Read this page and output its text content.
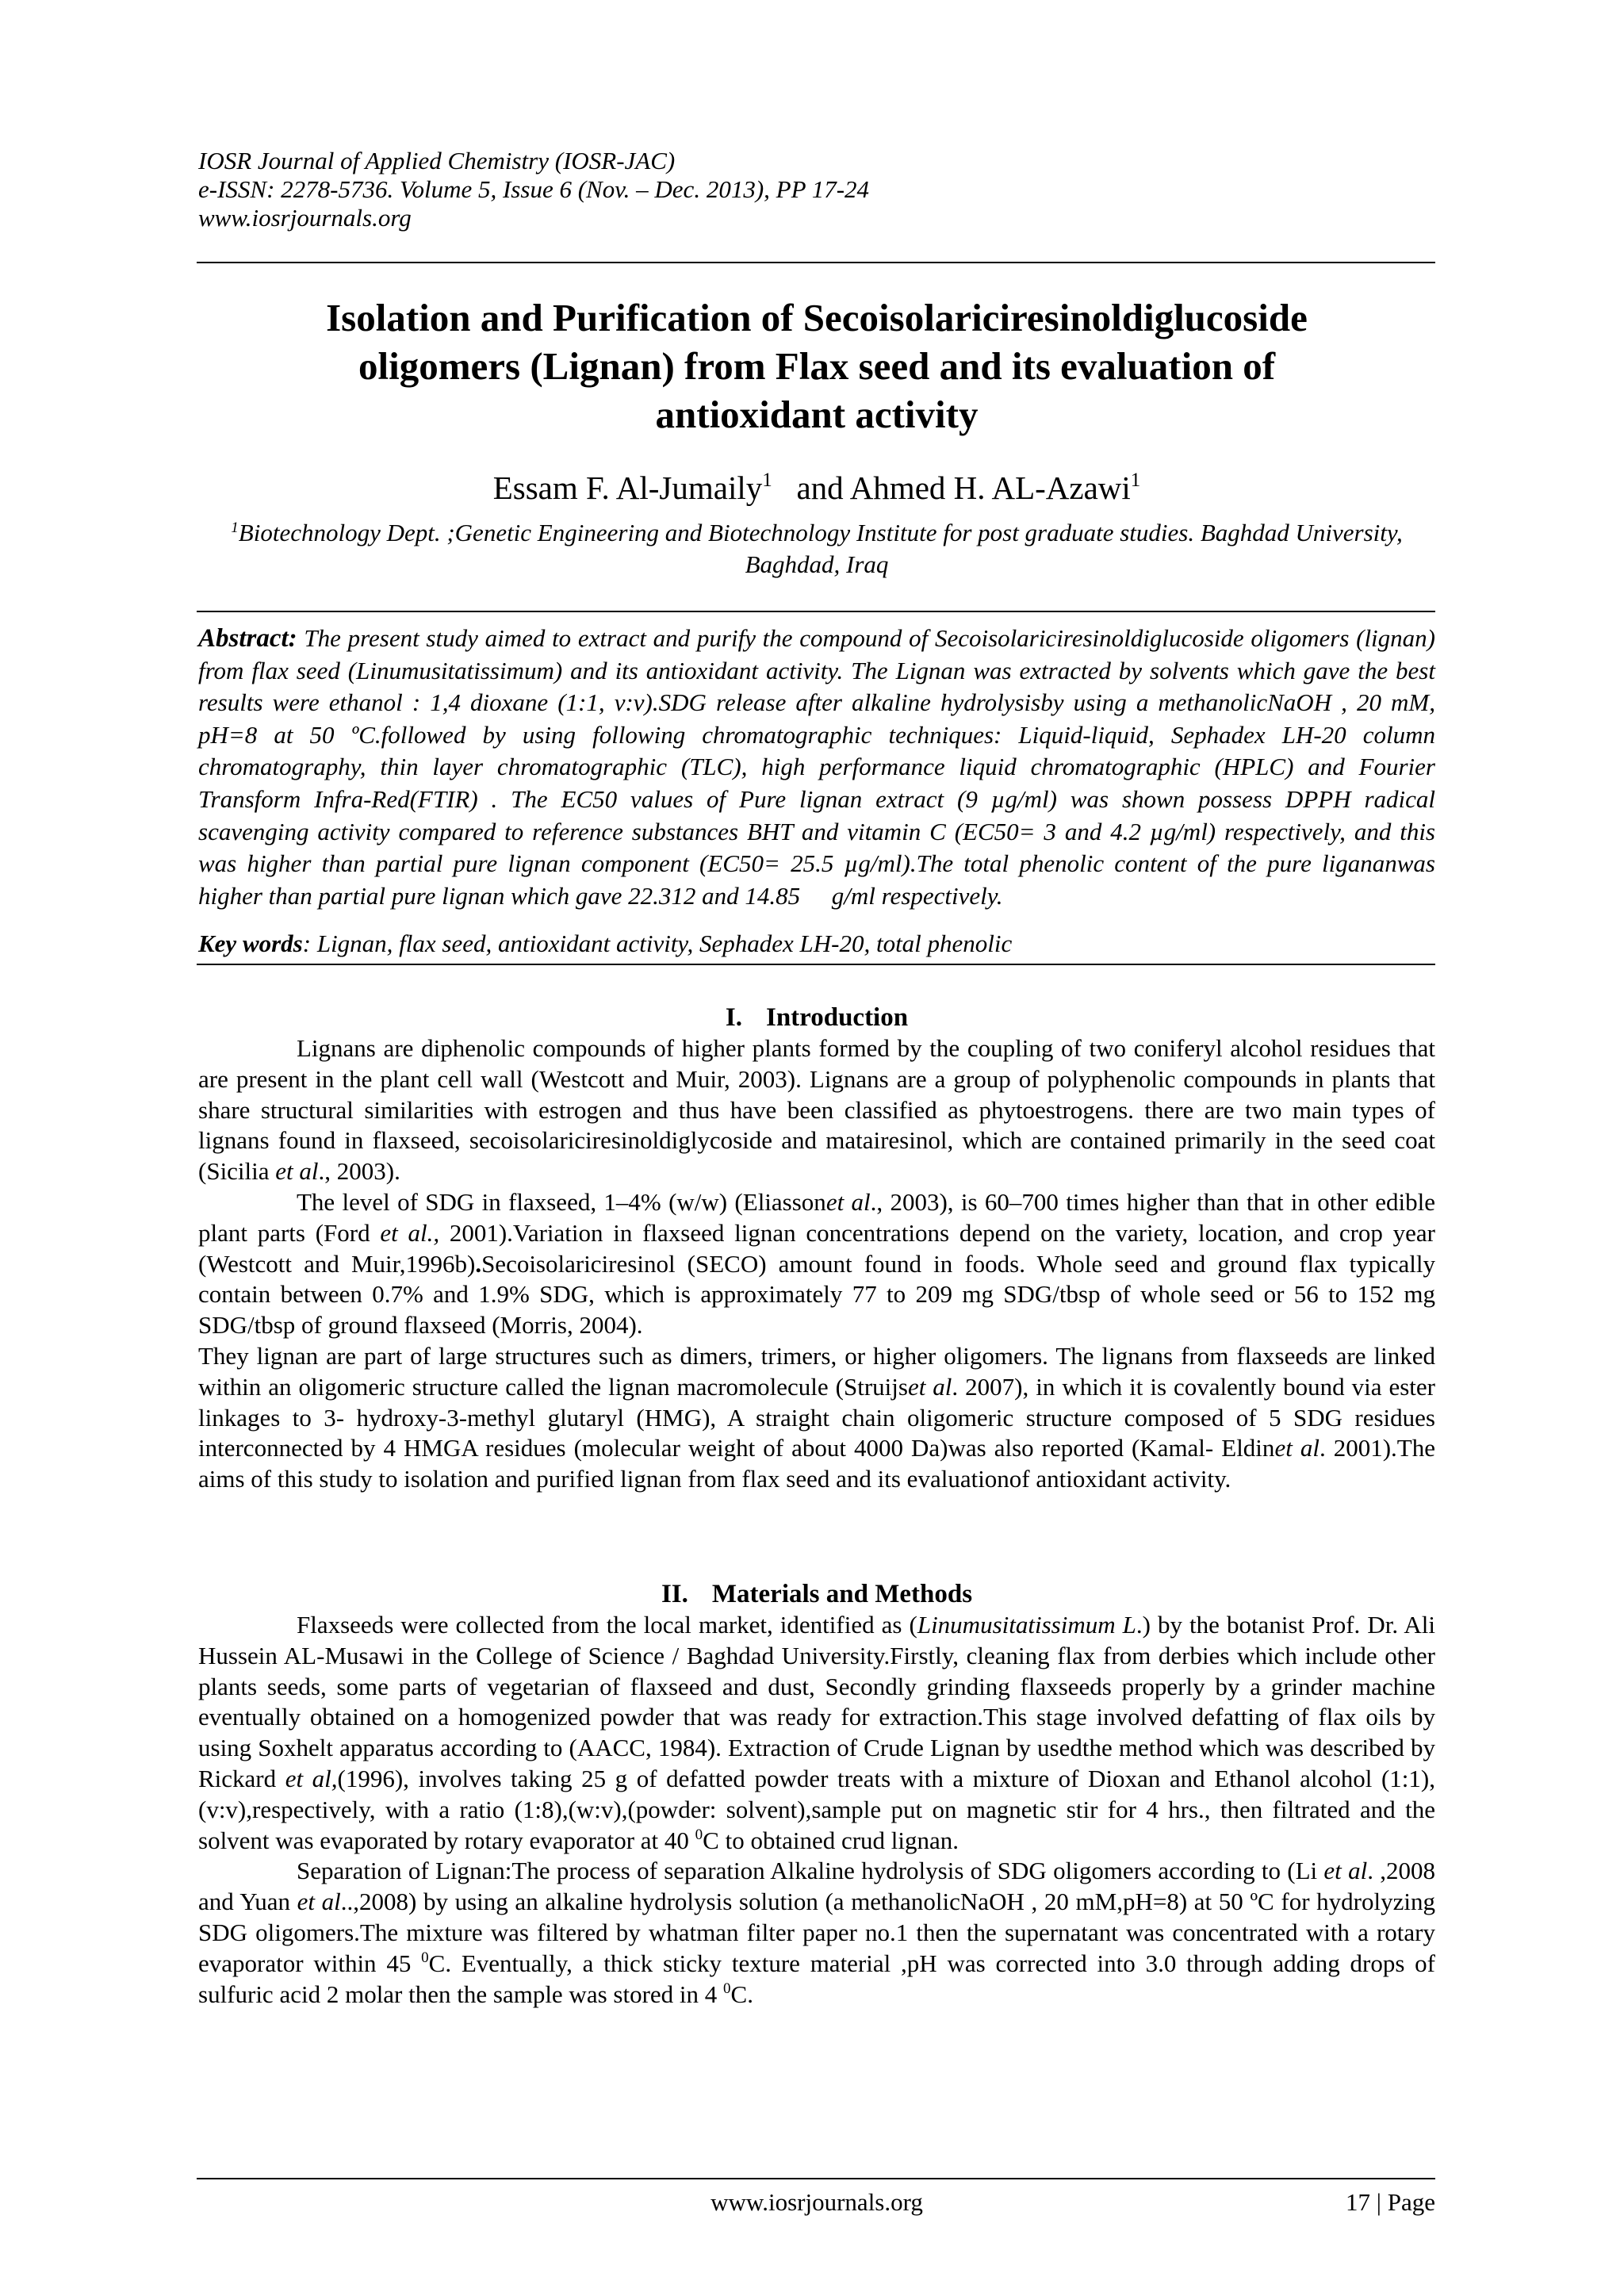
IOSR Journal of Applied Chemistry (IOSR-JAC)
e-ISSN: 2278-5736. Volume 5, Issue 6 (Nov. – Dec. 2013), PP 17-24
www.iosrjournals.org
Isolation and Purification of Secoisolariciresinoldiglucoside
oligomers (Lignan) from Flax seed and its evaluation of
antioxidant activity
Essam F. Al-Jumaily$^1$ and Ahmed H. AL-Azawi$^1$
$^1$Biotechnology Dept. ;Genetic Engineering and Biotechnology Institute for post graduate studies. Baghdad University, Baghdad, Iraq
Abstract: The present study aimed to extract and purify the compound of Secoisolariciresinoldiglucoside oligomers (lignan) from flax seed (Linumusitatissimum) and its antioxidant activity. The Lignan was extracted by solvents which gave the best results were ethanol : 1,4 dioxane (1:1, v:v).SDG release after alkaline hydrolysisby using a methanolicNaOH , 20 mM, pH=8 at 50 ºC.followed by using following chromatographic techniques: Liquid-liquid, Sephadex LH-20 column chromatography, thin layer chromatographic (TLC), high performance liquid chromatographic (HPLC) and Fourier Transform Infra-Red(FTIR) . The EC50 values of Pure lignan extract (9 µg/ml) was shown possess DPPH radical scavenging activity compared to reference substances BHT and vitamin C (EC50= 3 and 4.2 µg/ml) respectively, and this was higher than partial pure lignan component (EC50= 25.5 µg/ml).The total phenolic content of the pure ligananwas higher than partial pure lignan which gave 22.312 and 14.85 g/ml respectively.
Key words: Lignan, flax seed, antioxidant activity, Sephadex LH-20, total phenolic
I. Introduction

Lignans are diphenolic compounds of higher plants formed by the coupling of two coniferyl alcohol residues that are present in the plant cell wall (Westcott and Muir, 2003). Lignans are a group of polyphenolic compounds in plants that share structural similarities with estrogen and thus have been classified as phytoestrogens. there are two main types of lignans found in flaxseed, secoisolariciresinoldiglycoside and matairesinol, which are contained primarily in the seed coat (Sicilia et al., 2003).

The level of SDG in flaxseed, 1–4% (w/w) (Eliassonet al., 2003), is 60–700 times higher than that in other edible plant parts (Ford et al., 2001).Variation in flaxseed lignan concentrations depend on the variety, location, and crop year (Westcott and Muir,1996b).Secoisolariciresinol (SECO) amount found in foods. Whole seed and ground flax typically contain between 0.7% and 1.9% SDG, which is approximately 77 to 209 mg SDG/tbsp of whole seed or 56 to 152 mg SDG/tbsp of ground flaxseed (Morris, 2004).

They lignan are part of large structures such as dimers, trimers, or higher oligomers. The lignans from flaxseeds are linked within an oligomeric structure called the lignan macromolecule (Struijset al. 2007), in which it is covalently bound via ester linkages to 3- hydroxy-3-methyl glutaryl (HMG), A straight chain oligomeric structure composed of 5 SDG residues interconnected by 4 HMGA residues (molecular weight of about 4000 Da)was also reported (Kamal- Eldinet al. 2001).The aims of this study to isolation and purified lignan from flax seed and its evaluationof antioxidant activity.

II. Materials and Methods

Flaxseeds were collected from the local market, identified as (Linumusitatissimum L.) by the botanist Prof. Dr. Ali Hussein AL-Musawi in the College of Science / Baghdad University.Firstly, cleaning flax from derbies which include other plants seeds, some parts of vegetarian of flaxseed and dust, Secondly grinding flaxseeds properly by a grinder machine eventually obtained on a homogenized powder that was ready for extraction.This stage involved defatting of flax oils by using Soxhelt apparatus according to (AACC, 1984). Extraction of Crude Lignan by usedthe method which was described by Rickard et al,(1996), involves taking 25 g of defatted powder treats with a mixture of Dioxan and Ethanol alcohol (1:1),(v:v),respectively, with a ratio (1:8),(w:v),(powder: solvent),sample put on magnetic stir for 4 hrs., then filtrated and the solvent was evaporated by rotary evaporator at 40 $^0$C to obtained crud lignan.

Separation of Lignan:The process of separation Alkaline hydrolysis of SDG oligomers according to (Li et al. ,2008 and Yuan et al..,2008) by using an alkaline hydrolysis solution (a methanolicNaOH , 20 mM,pH=8) at 50 ºC for hydrolyzing SDG oligomers.The mixture was filtered by whatman filter paper no.1 then the supernatant was concentrated with a rotary evaporator within 45 $^0$C. Eventually, a thick sticky texture material ,pH was corrected into 3.0 through adding drops of sulfuric acid 2 molar then the sample was stored in 4 $^0$C.

www.iosrjournals.org	17 | Page
